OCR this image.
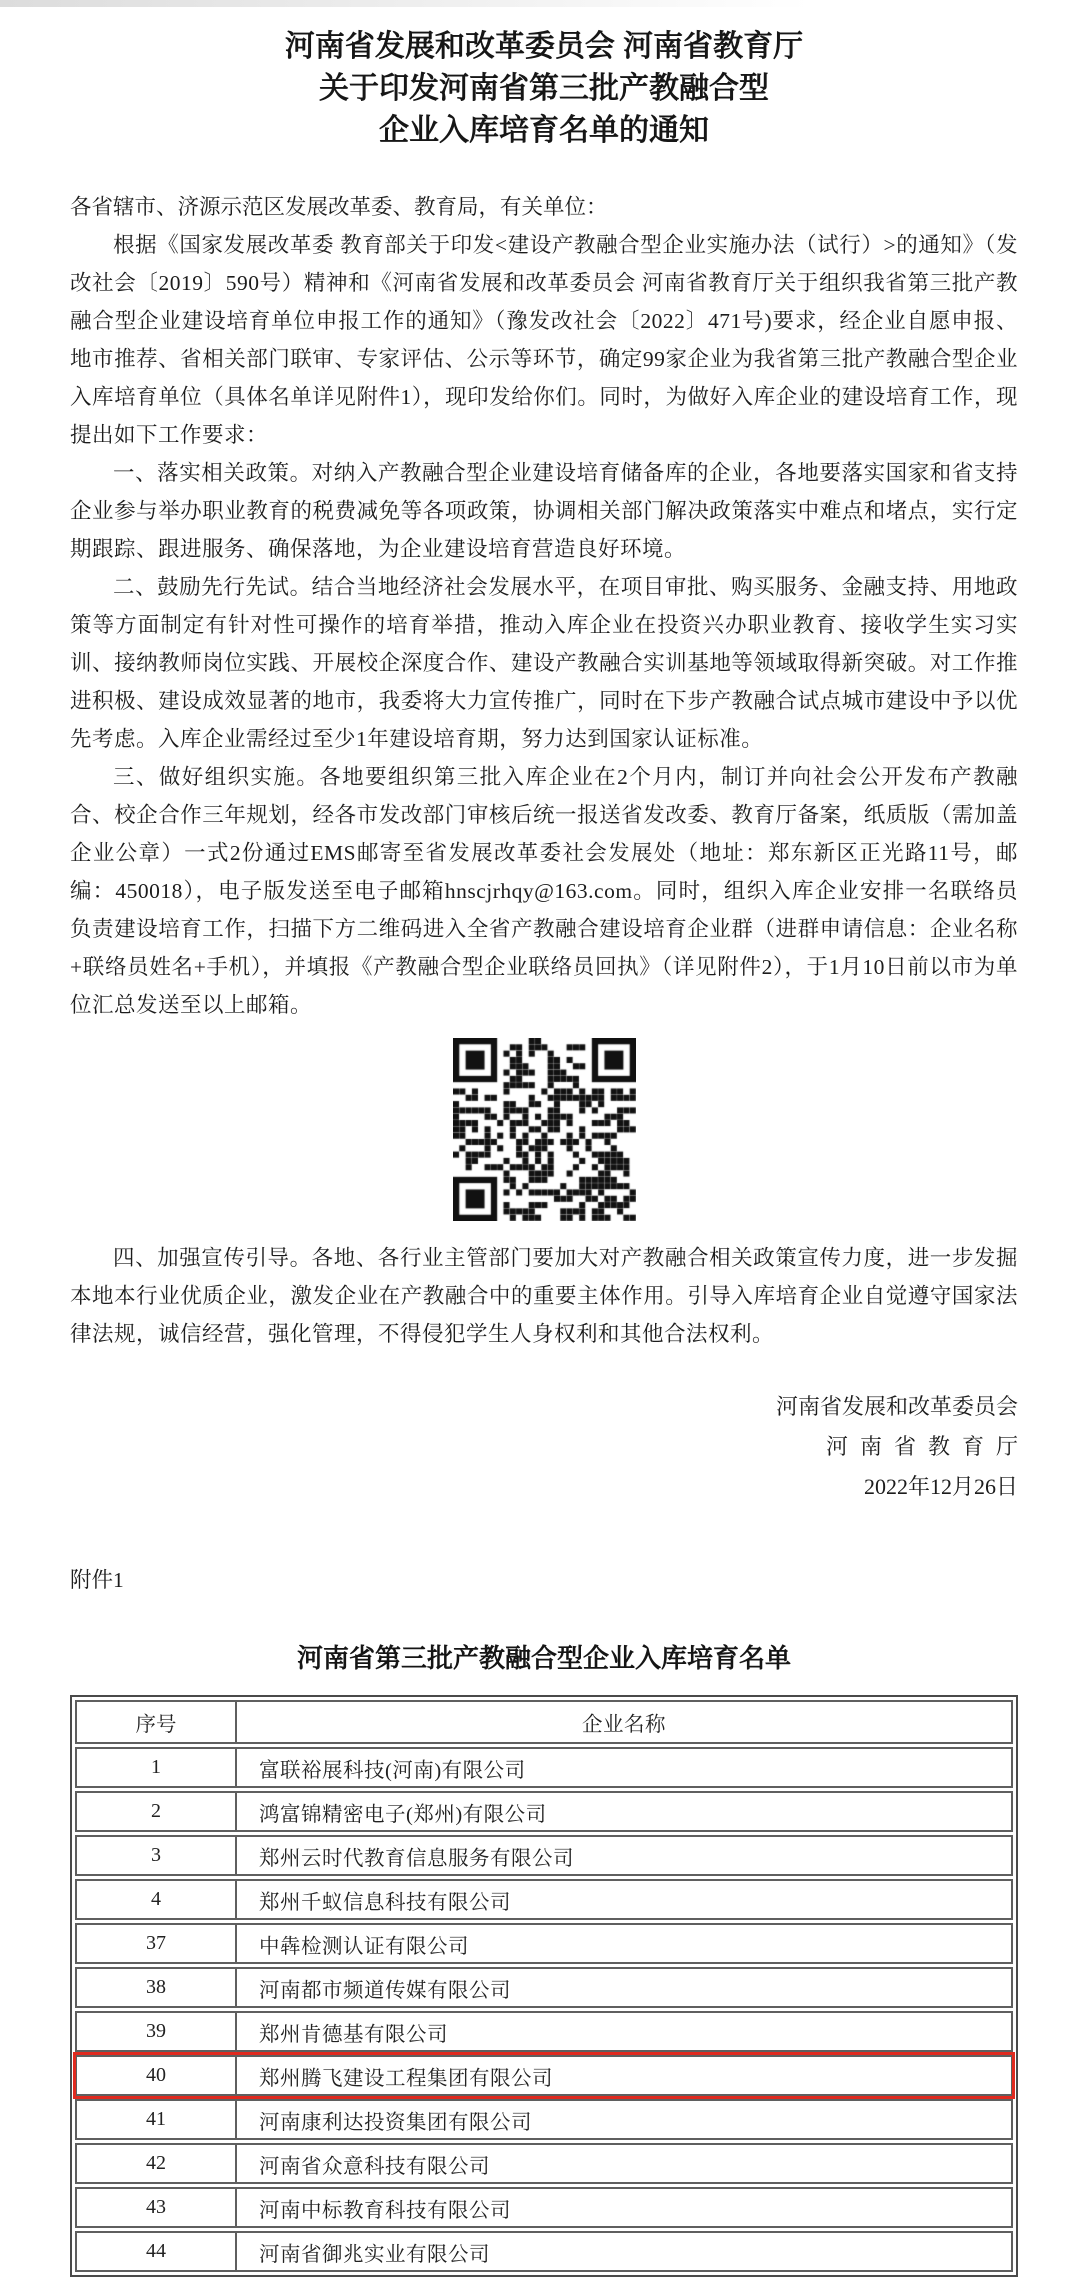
河南省发展和改革委员会 河南省教育厅
关于印发河南省第三批产教融合型
企业入库培育名单的通知

各省辖市、济源示范区发展改革委、教育局，有关单位：

根据《国家发展改革委 教育部关于印发<建设产教融合型企业实施办法（试行）>的通知》（发改社会〔2019〕590号）精神和《河南省发展和改革委员会 河南省教育厅关于组织我省第三批产教融合型企业建设培育单位申报工作的通知》（豫发改社会〔2022〕471号)要求，经企业自愿申报、地市推荐、省相关部门联审、专家评估、公示等环节，确定99家企业为我省第三批产教融合型企业入库培育单位（具体名单详见附件1），现印发给你们。同时，为做好入库企业的建设培育工作，现提出如下工作要求：

一、落实相关政策。对纳入产教融合型企业建设培育储备库的企业，各地要落实国家和省支持企业参与举办职业教育的税费减免等各项政策，协调相关部门解决政策落实中难点和堵点，实行定期跟踪、跟进服务、确保落地，为企业建设培育营造良好环境。

二、鼓励先行先试。结合当地经济社会发展水平，在项目审批、购买服务、金融支持、用地政策等方面制定有针对性可操作的培育举措，推动入库企业在投资兴办职业教育、接收学生实习实训、接纳教师岗位实践、开展校企深度合作、建设产教融合实训基地等领域取得新突破。对工作推进积极、建设成效显著的地市，我委将大力宣传推广，同时在下步产教融合试点城市建设中予以优先考虑。入库企业需经过至少1年建设培育期，努力达到国家认证标准。

三、做好组织实施。各地要组织第三批入库企业在2个月内，制订并向社会公开发布产教融合、校企合作三年规划，经各市发改部门审核后统一报送省发改委、教育厅备案，纸质版（需加盖企业公章）一式2份通过EMS邮寄至省发展改革委社会发展处（地址：郑东新区正光路11号，邮编：450018），电子版发送至电子邮箱hnscjrhqy@163.com。同时，组织入库企业安排一名联络员负责建设培育工作，扫描下方二维码进入全省产教融合建设培育企业群（进群申请信息：企业名称+联络员姓名+手机），并填报《产教融合型企业联络员回执》（详见附件2），于1月10日前以市为单位汇总发送至以上邮箱。

四、加强宣传引导。各地、各行业主管部门要加大对产教融合相关政策宣传力度，进一步发掘本地本行业优质企业，激发企业在产教融合中的重要主体作用。引导入库培育企业自觉遵守国家法律法规，诚信经营，强化管理，不得侵犯学生人身权利和其他合法权利。

河南省发展和改革委员会
河南省教育厅
2022年12月26日
附件1
河南省第三批产教融合型企业入库培育名单
序号	企业名称
1	富联裕展科技(河南)有限公司
2	鸿富锦精密电子(郑州)有限公司
3	郑州云时代教育信息服务有限公司
4	郑州千蚁信息科技有限公司
37	中犇检测认证有限公司
38	河南都市频道传媒有限公司
39	郑州肯德基有限公司
40	郑州腾飞建设工程集团有限公司
41	河南康利达投资集团有限公司
42	河南省众意科技有限公司
43	河南中标教育科技有限公司
44	河南省御兆实业有限公司
